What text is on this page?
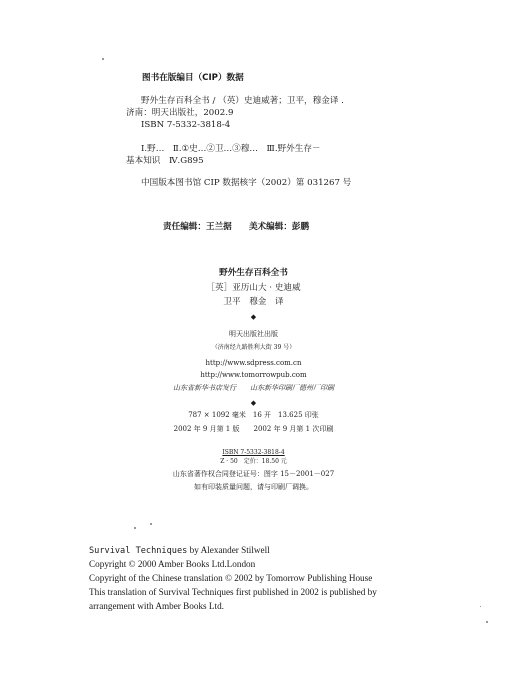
图书在版编目（CIP）数据
野外生存百科全书 / （英）史迪威著；卫平，穆金译 .
济南：明天出版社，2002.9
ISBN 7-5332-3818-4
Ⅰ.野…　Ⅱ.①史…②卫…③穆…　Ⅲ.野外生存－
基本知识　Ⅳ.G895
中国版本图书馆 CIP 数据核字（2002）第 031267 号
责任编辑：王兰据　　美术编辑：彭鹏
野外生存百科全书
［英］亚历山大 · 史迪威
卫平　穆金　译
◆
明天出版社出版
（济南经九路胜利大街 39 号）
http://www.sdpress.com.cn
http://www.tomorrowpub.com
山东省新华书店发行　　山东新华印刷厂德州厂印刷
◆
787 × 1092 毫米　16 开　13.625 印张
2002 年 9 月第 1 版　　2002 年 9 月第 1 次印刷
ISBN 7-5332-3818-4
Z · 50　定价：18.50 元
山东省著作权合同登记证号：图字 15－2001－027
如有印装质量问题，请与印刷厂调换。
Survival Techniques by Alexander Stilwell
Copyright © 2000 Amber Books Ltd.London
Copyright of the Chinese translation © 2002 by Tomorrow Publishing House
This translation of Survival Techniques first published in 2002 is published by
arrangement with Amber Books Ltd.
